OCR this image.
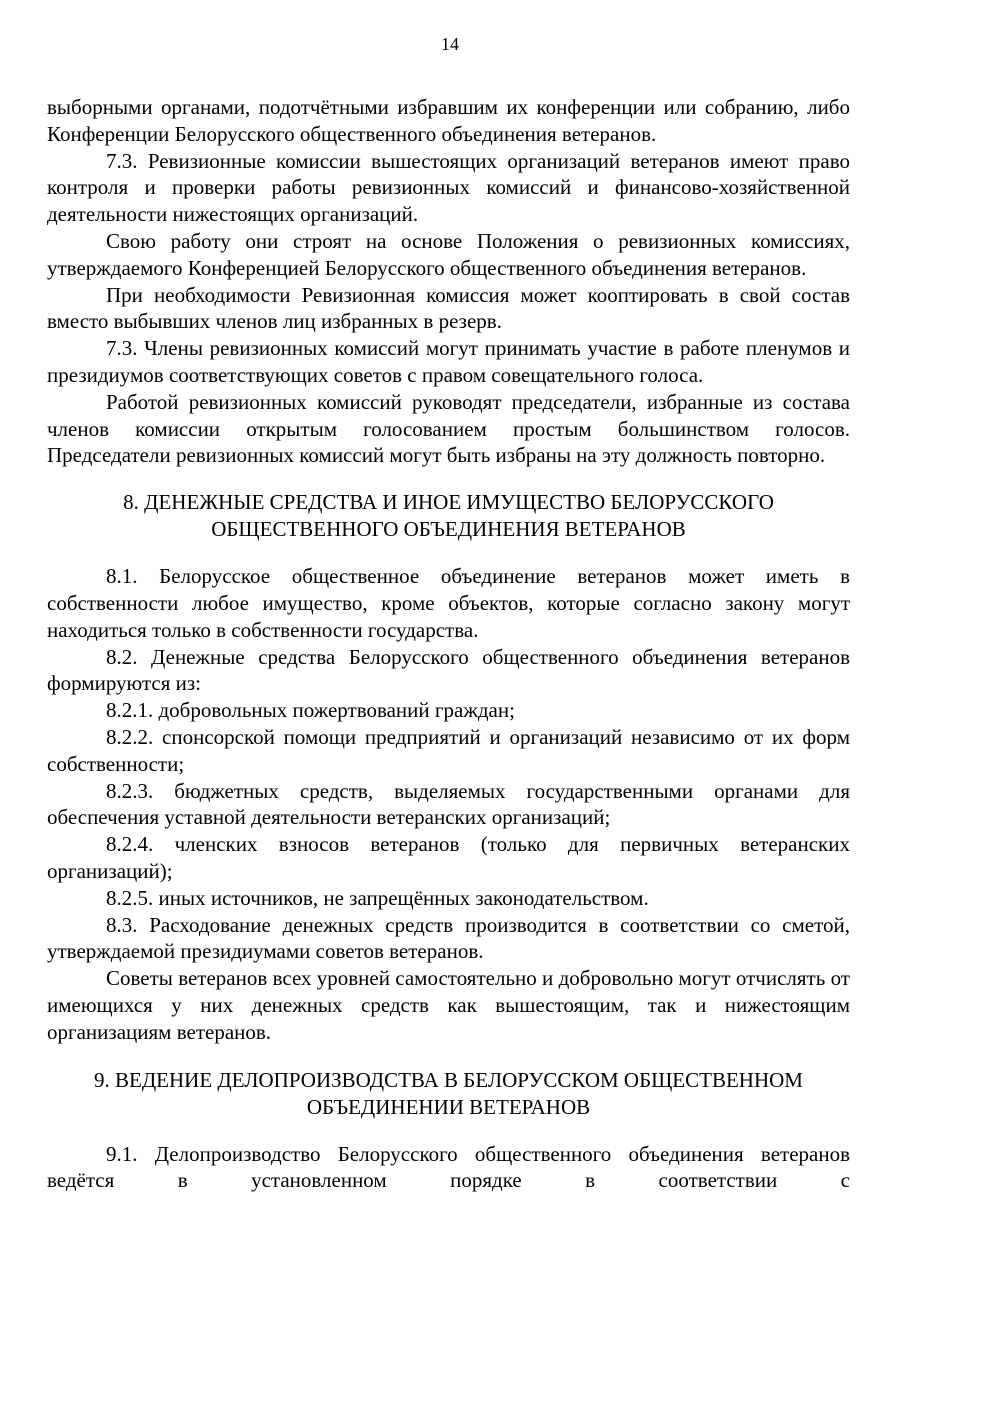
14

выборными органами, подотчётными избравшим их конференции или собранию, либо Конференции Белорусского общественного объединения ветеранов.

7.3. Ревизионные комиссии вышестоящих организаций ветеранов имеют право контроля и проверки работы ревизионных комиссий и финансово-хозяйственной деятельности нижестоящих организаций.

Свою работу они строят на основе Положения о ревизионных комиссиях, утверждаемого Конференцией Белорусского общественного объединения ветеранов.

При необходимости Ревизионная комиссия может кооптировать в свой состав вместо выбывших членов лиц избранных в резерв.

7.3. Члены ревизионных комиссий могут принимать участие в работе пленумов и президиумов соответствующих советов с правом совещательного голоса.

Работой ревизионных комиссий руководят председатели, избранные из состава членов комиссии открытым голосованием простым большинством голосов. Председатели ревизионных комиссий могут быть избраны на эту должность повторно.

8. ДЕНЕЖНЫЕ СРЕДСТВА И ИНОЕ ИМУЩЕСТВО БЕЛОРУССКОГО ОБЩЕСТВЕННОГО ОБЪЕДИНЕНИЯ ВЕТЕРАНОВ

8.1. Белорусское общественное объединение ветеранов может иметь в собственности любое имущество, кроме объектов, которые согласно закону могут находиться только в собственности государства.

8.2. Денежные средства Белорусского общественного объединения ветеранов формируются из:

8.2.1. добровольных пожертвований граждан;

8.2.2. спонсорской помощи предприятий и организаций независимо от их форм собственности;

8.2.3. бюджетных средств, выделяемых государственными органами для обеспечения уставной деятельности ветеранских организаций;

8.2.4. членских взносов ветеранов (только для первичных ветеранских организаций);

8.2.5. иных источников, не запрещённых законодательством.

8.3. Расходование денежных средств производится в соответствии со сметой, утверждаемой президиумами советов ветеранов.

Советы ветеранов всех уровней самостоятельно и добровольно могут отчислять от имеющихся у них денежных средств как вышестоящим, так и нижестоящим организациям ветеранов.

9. ВЕДЕНИЕ ДЕЛОПРОИЗВОДСТВА В БЕЛОРУССКОМ ОБЩЕСТВЕННОМ ОБЪЕДИНЕНИИ ВЕТЕРАНОВ

9.1. Делопроизводство Белорусского общественного объединения ветеранов ведётся в установленном порядке в соответствии с
